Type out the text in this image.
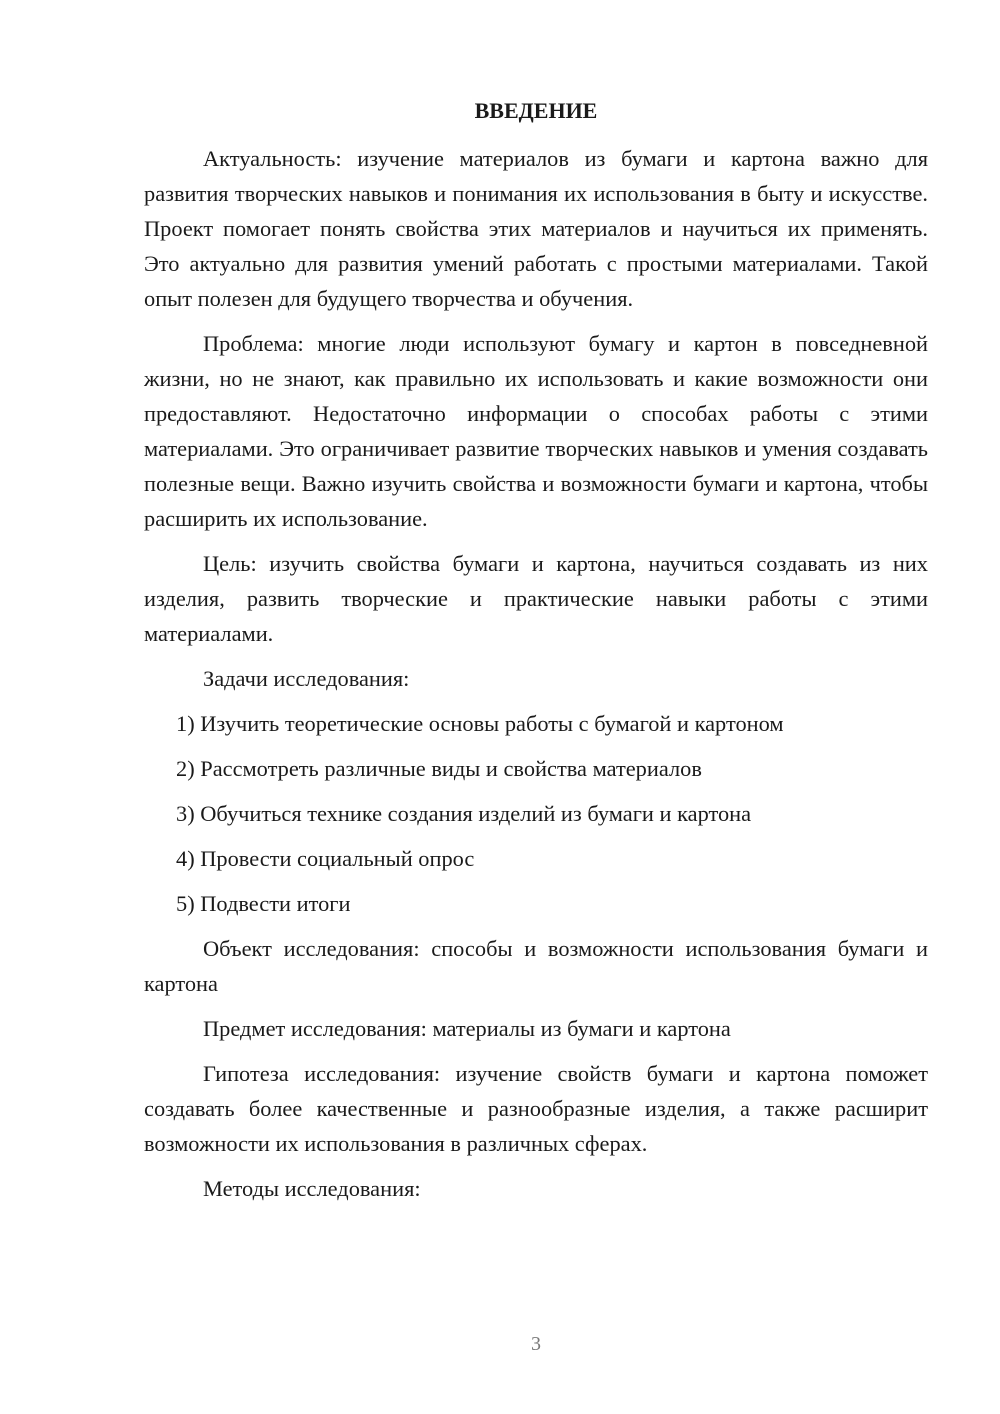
ВВЕДЕНИЕ

Актуальность: изучение материалов из бумаги и картона важно для развития творческих навыков и понимания их использования в быту и искусстве. Проект помогает понять свойства этих материалов и научиться их применять. Это актуально для развития умений работать с простыми материалами. Такой опыт полезен для будущего творчества и обучения.

Проблема: многие люди используют бумагу и картон в повседневной жизни, но не знают, как правильно их использовать и какие возможности они предоставляют. Недостаточно информации о способах работы с этими материалами. Это ограничивает развитие творческих навыков и умения создавать полезные вещи. Важно изучить свойства и возможности бумаги и картона, чтобы расширить их использование.

Цель: изучить свойства бумаги и картона, научиться создавать из них изделия, развить творческие и практические навыки работы с этими материалами.

Задачи исследования:

1) Изучить теоретические основы работы с бумагой и картоном
2) Рассмотреть различные виды и свойства материалов
3) Обучиться технике создания изделий из бумаги и картона
4) Провести социальный опрос
5) Подвести итоги

Объект исследования: способы и возможности использования бумаги и картона

Предмет исследования: материалы из бумаги и картона

Гипотеза исследования: изучение свойств бумаги и картона поможет создавать более качественные и разнообразные изделия, а также расширит возможности их использования в различных сферах.

Методы исследования:

3
